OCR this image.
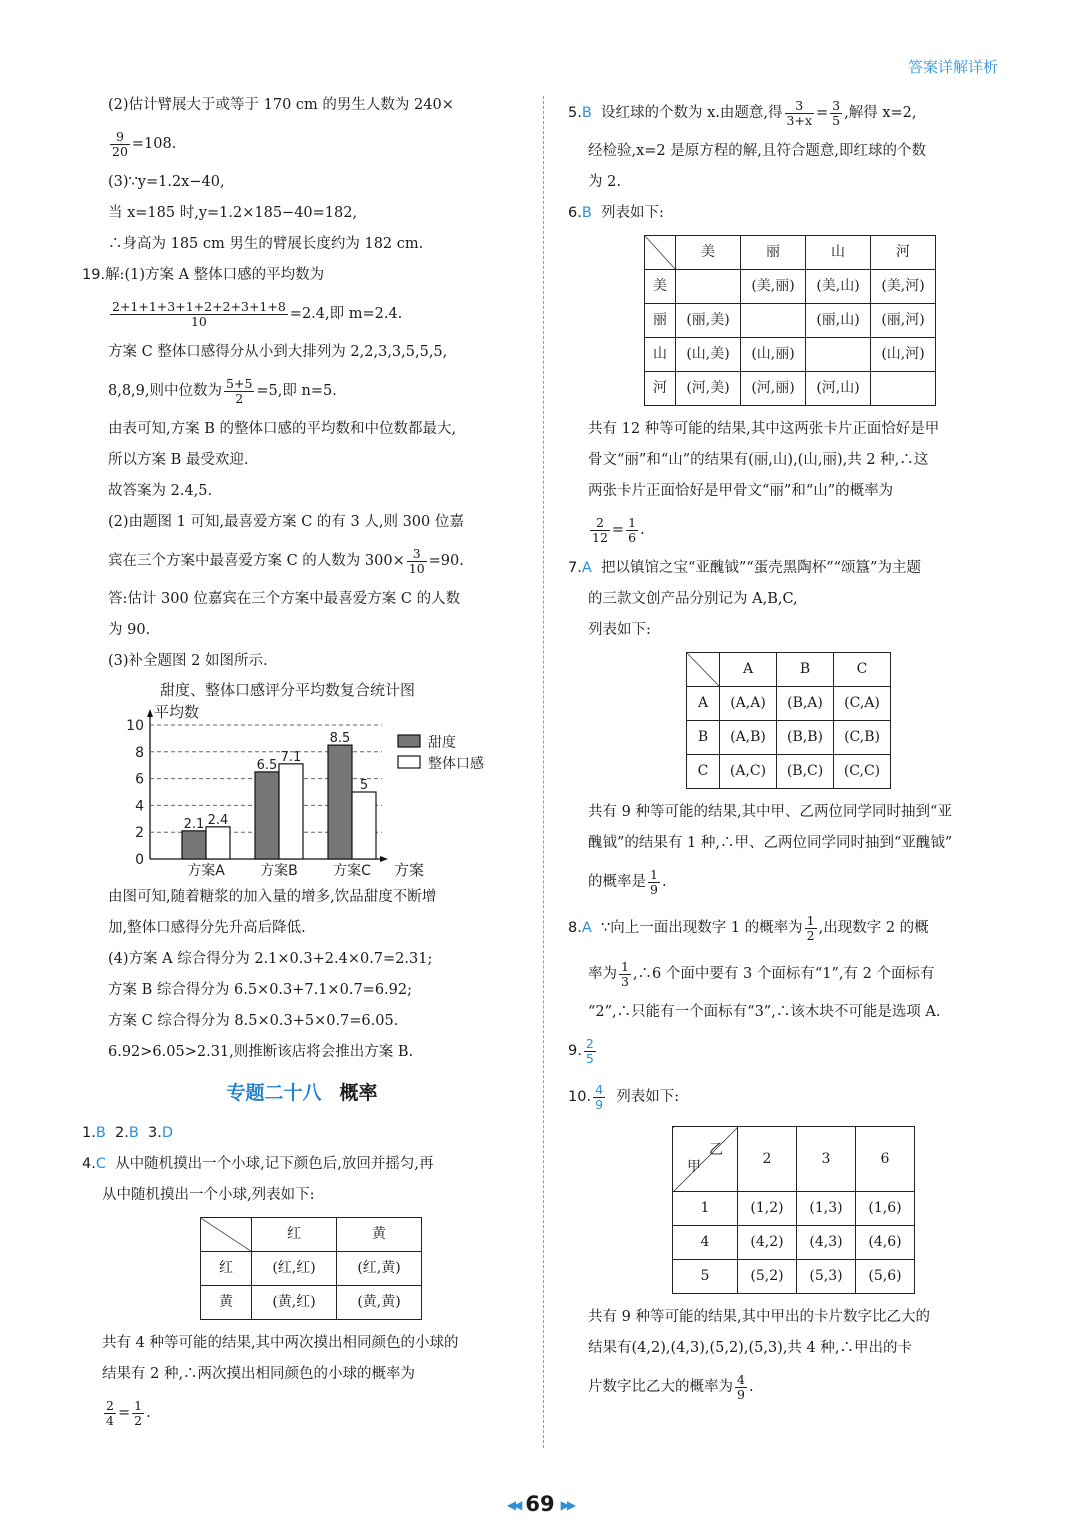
答案详解详析
(2)估计臂展大于或等于 170 cm 的男生人数为 240×
$\frac{9}{20} =108$.
(3)∵y=1.2x−40,
当 x=185 时,y=1.2×185−40=182,
∴身高为 185 cm 男生的臂展长度约为 182 cm.
19.解:(1)方案 A 整体口感的平均数为
$\frac{2+1+1+3+1+2+2+3+1+8}{10} =2.4$,即 m=2.4.
方案 C 整体口感得分从小到大排列为 2,2,3,3,5,5,5,
8,8,9,则中位数为 $\frac{5+5}{2} =5$,即 n=5.
由表可知,方案 B 的整体口感的平均数和中位数都最大,
所以方案 B 最受欢迎.
故答案为 2.4,5.
(2)由题图 1 可知,最喜爱方案 C 的有 3 人,则 300 位嘉
宾在三个方案中最喜爱方案 C 的人数为 $300\times \frac{3}{10} =90$.
答:估计 300 位嘉宾在三个方案中最喜爱方案 C 的人数
为 90.
(3)补全题图 2 如图所示.
甜度、整体口感评分平均数复合统计图
平均数
方案
0
2
4
6
8
10
2.1 2.4
6.5
7.1
8.5
5
方案A	方案B	方案C
甜度
整体口感
由图可知,随着糖浆的加入量的增多,饮品甜度不断增
加,整体口感得分先升高后降低.
(4)方案 A 综合得分为 2.1×0.3+2.4×0.7=2.31;
方案 B 综合得分为 6.5×0.3+7.1×0.7=6.92;
方案 C 综合得分为 8.5×0.3+5×0.7=6.05.
6.92>6.05>2.31,则推断该店将会推出方案 B.
专题二十八 概率
1.B 2.B 3.D
4.C 从中随机摸出一个小球,记下颜色后,放回并摇匀,再
从中随机摸出一个小球,列表如下:
	红	黄
红	(红,红)	(红,黄)
黄	(黄,红)	(黄,黄)
共有 4 种等可能的结果,其中两次摸出相同颜色的小球的
结果有 2 种,∴两次摸出相同颜色的小球的概率为
$\frac{2}{4} = \frac{1}{2}$ .
5.B 设红球的个数为 x.由题意,得 $\frac{3}{3+x} = \frac{3}{5}$ ,解得 x=2,
经检验,x=2 是原方程的解,且符合题意,即红球的个数
为 2.
6.B 列表如下:
	美	丽	山	河
美		(美,丽)	(美,山)	(美,河)
丽	(丽,美)		(丽,山)	(丽,河)
山	(山,美)	(山,丽)		(山,河)
河	(河,美)	(河,丽)	(河,山)	
共有 12 种等可能的结果,其中这两张卡片正面恰好是甲
骨文“丽”和“山”的结果有(丽,山),(山,丽),共 2 种,∴这
两张卡片正面恰好是甲骨文“丽”和“山”的概率为
$\frac{2}{12} = \frac{1}{6}$ .
7.A 把以镇馆之宝“亚醜钺”“蛋壳黑陶杯”“颂簋”为主题
的三款文创产品分别记为 A,B,C,
列表如下:
	A	B	C
A	(A,A)	(B,A)	(C,A)
B	(A,B)	(B,B)	(C,B)
C	(A,C)	(B,C)	(C,C)
共有 9 种等可能的结果,其中甲、乙两位同学同时抽到“亚
醜钺”的结果有 1 种,∴甲、乙两位同学同时抽到“亚醜钺”
的概率是 $\frac{1}{9}$ .
8.A ∵向上一面出现数字 1 的概率为 $\frac{1}{2}$ ,出现数字 2 的概
率为 $\frac{1}{3}$ ,∴6 个面中要有 3 个面标有“1”,有 2 个面标有
“2”,∴只能有一个面标有“3”,∴该木块不可能是选项 A.
9. $\frac{2}{5}$
10. $\frac{4}{9}$ 列表如下:
乙
甲	2	3	6
1	(1,2)	(1,3)	(1,6)
4	(4,2)	(4,3)	(4,6)
5	(5,2)	(5,3)	(5,6)
共有 9 种等可能的结果,其中甲出的卡片数字比乙大的
结果有(4,2),(4,3),(5,2),(5,3),共 4 种,∴甲出的卡
片数字比乙大的概率为 $\frac{4}{9}$ .
◀◀ 69 ▶▶
